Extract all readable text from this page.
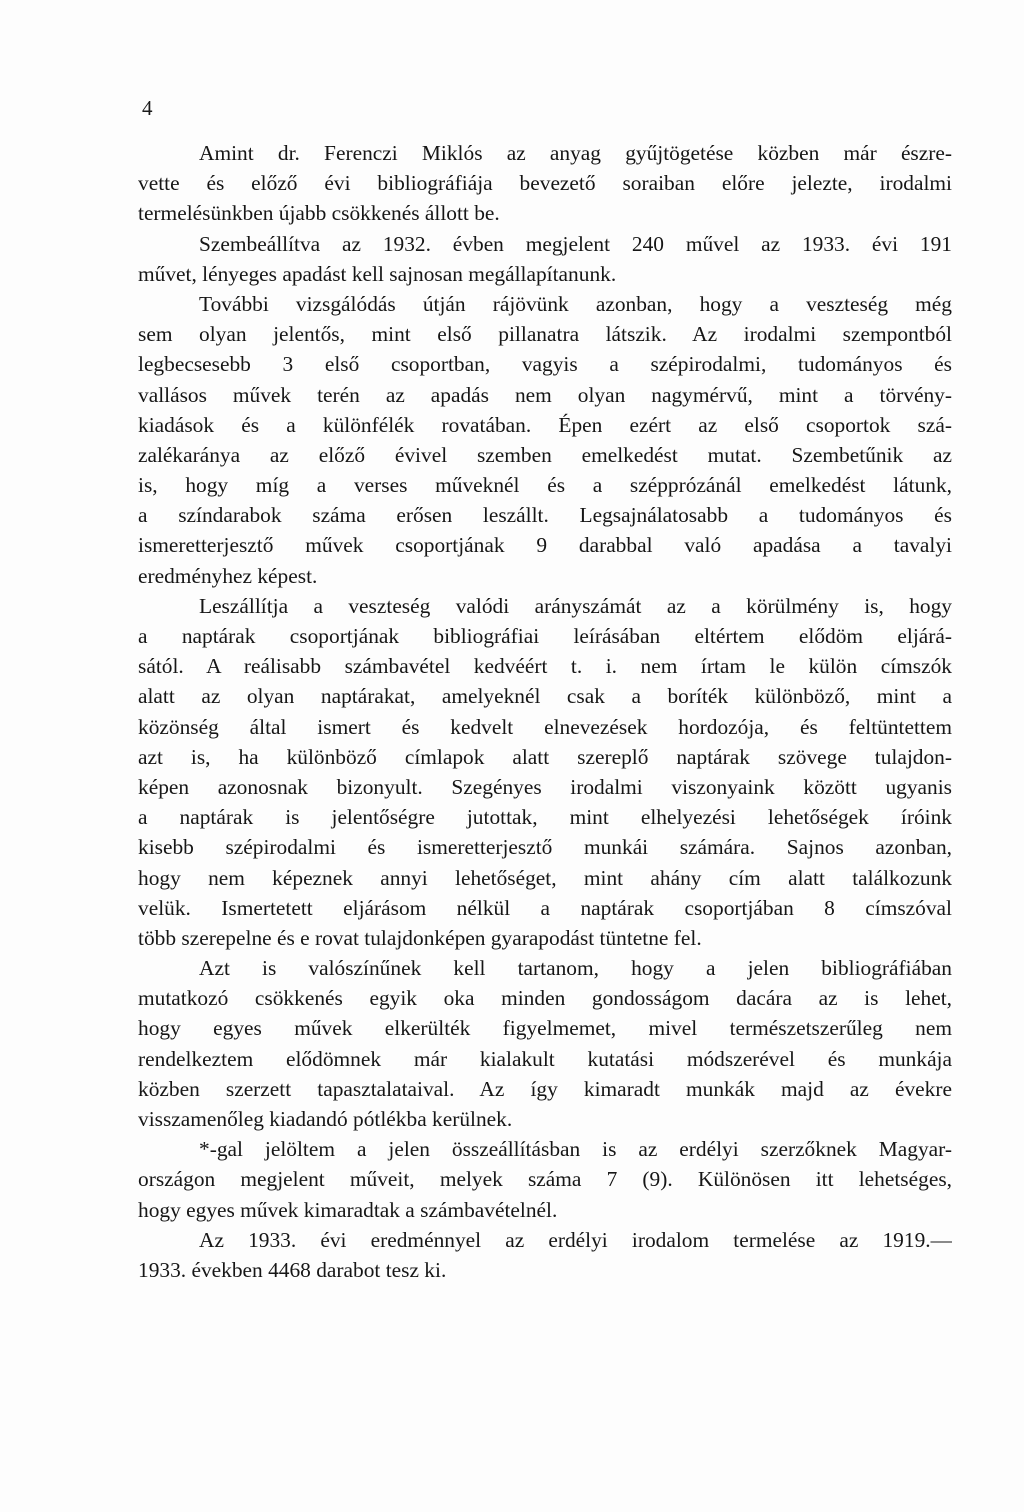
4
Amint dr. Ferenczi Miklós az anyag gyűjtögetése közben már észre-
vette és előző évi bibliográfiája bevezető soraiban előre jelezte, irodalmi
termelésünkben újabb csökkenés állott be.
Szembeállítva az 1932. évben megjelent 240 művel az 1933. évi 191
művet, lényeges apadást kell sajnosan megállapítanunk.
További vizsgálódás útján rájövünk azonban, hogy a veszteség még
sem olyan jelentős, mint első pillanatra látszik. Az irodalmi szempontból
legbecsesebb 3 első csoportban, vagyis a szépirodalmi, tudományos és
vallásos művek terén az apadás nem olyan nagymérvű, mint a törvény-
kiadások és a különfélék rovatában. Épen ezért az első csoportok szá-
zalékaránya az előző évivel szemben emelkedést mutat. Szembetűnik az
is, hogy míg a verses műveknél és a szépprózánál emelkedést látunk,
a színdarabok száma erősen leszállt. Legsajnálatosabb a tudományos és
ismeretterjesztő művek csoportjának 9 darabbal való apadása a tavalyi
eredményhez képest.
Leszállítja a veszteség valódi arányszámát az a körülmény is, hogy
a naptárak csoportjának bibliográfiai leírásában eltértem elődöm eljárá-
sától. A reálisabb számbavétel kedvéért t. i. nem írtam le külön címszók
alatt az olyan naptárakat, amelyeknél csak a boríték különböző, mint a
közönség által ismert és kedvelt elnevezések hordozója, és feltüntettem
azt is, ha különböző címlapok alatt szereplő naptárak szövege tulajdon-
képen azonosnak bizonyult. Szegényes irodalmi viszonyaink között ugyanis
a naptárak is jelentőségre jutottak, mint elhelyezési lehetőségek íróink
kisebb szépirodalmi és ismeretterjesztő munkái számára. Sajnos azonban,
hogy nem képeznek annyi lehetőséget, mint ahány cím alatt találkozunk
velük. Ismertetett eljárásom nélkül a naptárak csoportjában 8 címszóval
több szerepelne és e rovat tulajdonképen gyarapodást tüntetne fel.
Azt is valószínűnek kell tartanom, hogy a jelen bibliográfiában
mutatkozó csökkenés egyik oka minden gondosságom dacára az is lehet,
hogy egyes művek elkerülték figyelmemet, mivel természetszerűleg nem
rendelkeztem elődömnek már kialakult kutatási módszerével és munkája
közben szerzett tapasztalataival. Az így kimaradt munkák majd az évekre
visszamenőleg kiadandó pótlékba kerülnek.
*-gal jelöltem a jelen összeállításban is az erdélyi szerzőknek Magyar-
országon megjelent műveit, melyek száma 7 (9). Különösen itt lehetséges,
hogy egyes művek kimaradtak a számbavételnél.
Az 1933. évi eredménnyel az erdélyi irodalom termelése az 1919.—
1933. években 4468 darabot tesz ki.
